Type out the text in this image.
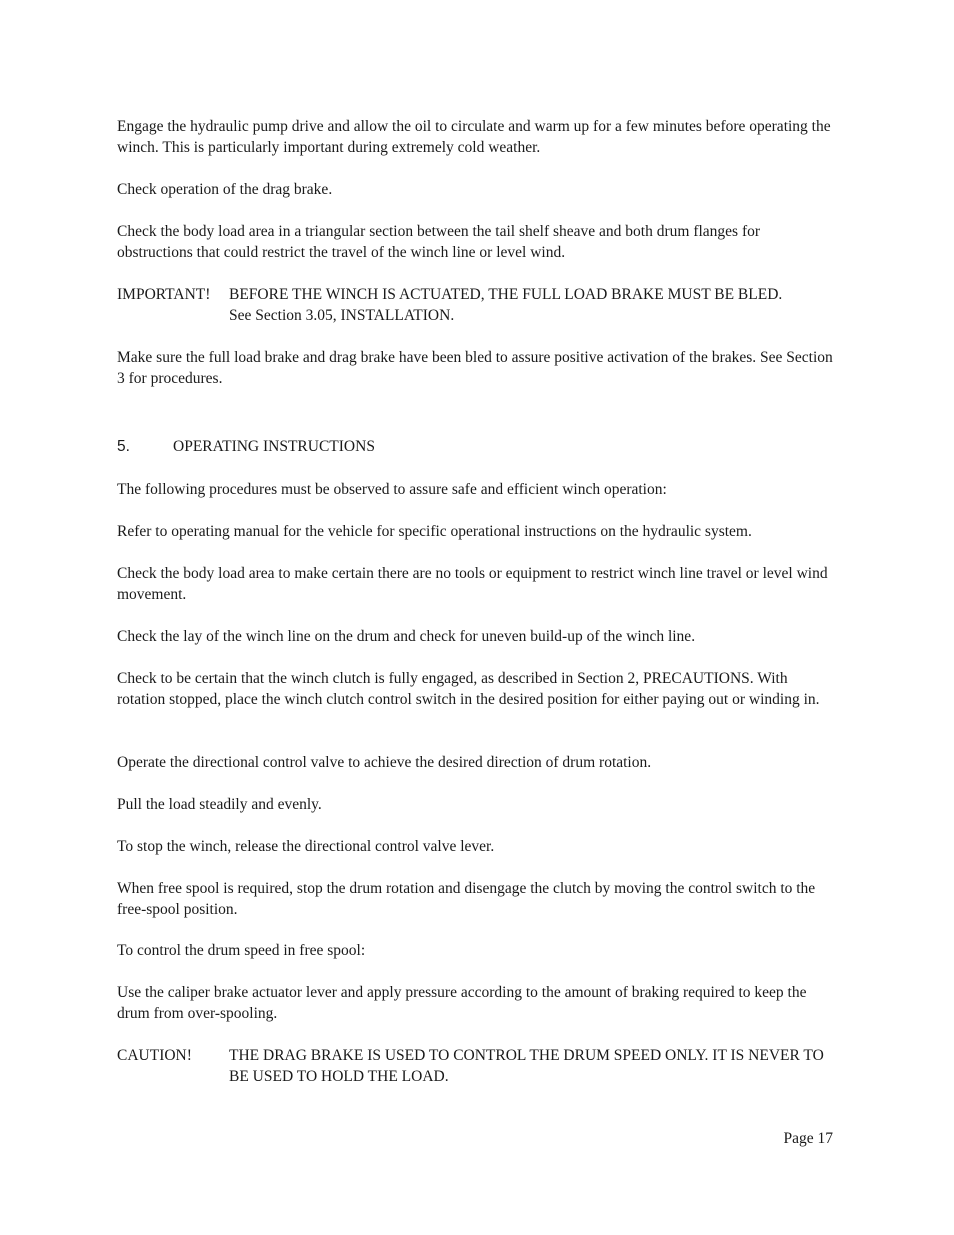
Engage the hydraulic pump drive and allow the oil to circulate and warm up for a few minutes before operating the winch. This is particularly important during extremely cold weather.

Check operation of the drag brake.

Check the body load area in a triangular section between the tail shelf sheave and both drum flanges for obstructions that could restrict the travel of the winch line or level wind.

IMPORTANT! BEFORE THE WINCH IS ACTUATED, THE FULL LOAD BRAKE MUST BE BLED.
See Section 3.05, INSTALLATION.

Make sure the full load brake and drag brake have been bled to assure positive activation of the brakes. See Section 3 for procedures.

5.	OPERATING INSTRUCTIONS

The following procedures must be observed to assure safe and efficient winch operation:

Refer to operating manual for the vehicle for specific operational instructions on the hydraulic system.

Check the body load area to make certain there are no tools or equipment to restrict winch line travel or level wind movement.

Check the lay of the winch line on the drum and check for uneven build-up of the winch line.

Check to be certain that the winch clutch is fully engaged, as described in Section 2, PRECAUTIONS. With rotation stopped, place the winch clutch control switch in the desired position for either paying out or winding in.

Operate the directional control valve to achieve the desired direction of drum rotation.

Pull the load steadily and evenly.

To stop the winch, release the directional control valve lever.

When free spool is required, stop the drum rotation and disengage the clutch by moving the control switch to the free-spool position.

To control the drum speed in free spool:

Use the caliper brake actuator lever and apply pressure according to the amount of braking required to keep the drum from over-spooling.

CAUTION! THE DRAG BRAKE IS USED TO CONTROL THE DRUM SPEED ONLY. IT IS NEVER TO BE USED TO HOLD THE LOAD.
Page 17
